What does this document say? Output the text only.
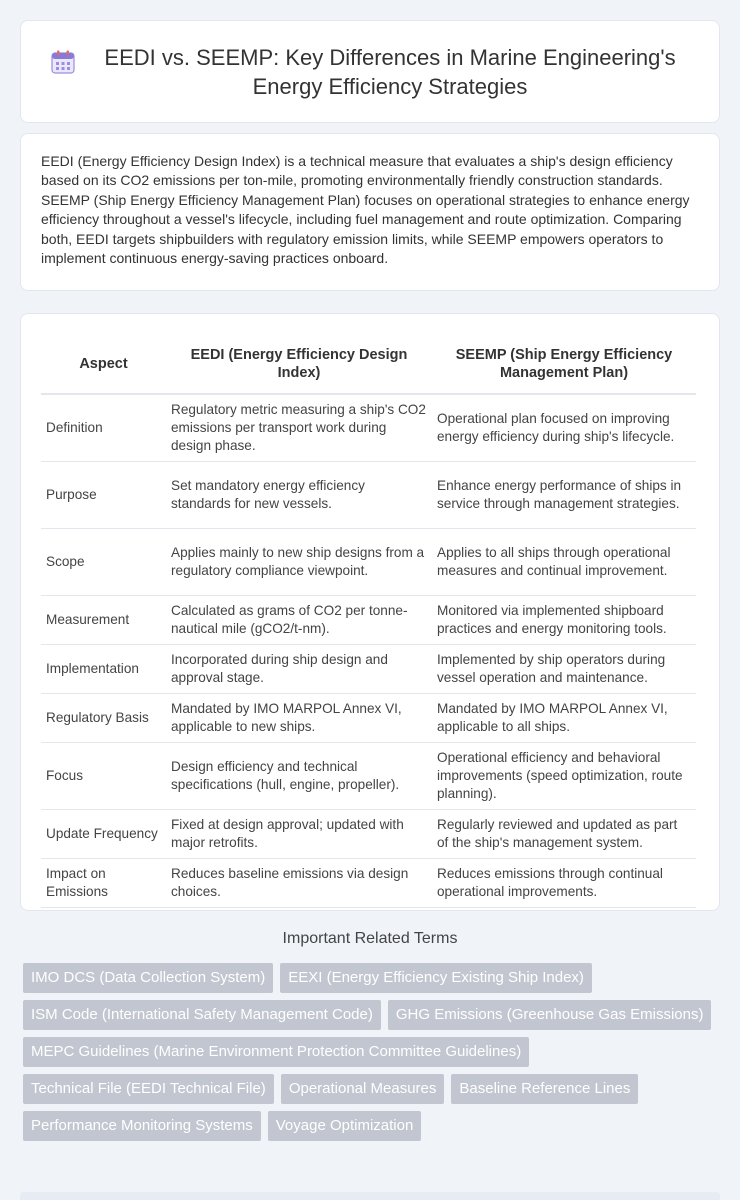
EEDI vs. SEEMP: Key Differences in Marine Engineering's Energy Efficiency Strategies

EEDI (Energy Efficiency Design Index) is a technical measure that evaluates a ship's design efficiency based on its CO2 emissions per ton-mile, promoting environmentally friendly construction standards. SEEMP (Ship Energy Efficiency Management Plan) focuses on operational strategies to enhance energy efficiency throughout a vessel's lifecycle, including fuel management and route optimization. Comparing both, EEDI targets shipbuilders with regulatory emission limits, while SEEMP empowers operators to implement continuous energy-saving practices onboard.

Aspect	EEDI (Energy Efficiency Design Index)	SEEMP (Ship Energy Efficiency Management Plan)
Definition	Regulatory metric measuring a ship's CO2 emissions per transport work during design phase.	Operational plan focused on improving energy efficiency during ship's lifecycle.
Purpose	Set mandatory energy efficiency standards for new vessels.	Enhance energy performance of ships in service through management strategies.
Scope	Applies mainly to new ship designs from a regulatory compliance viewpoint.	Applies to all ships through operational measures and continual improvement.
Measurement	Calculated as grams of CO2 per tonne-nautical mile (gCO2/t-nm).	Monitored via implemented shipboard practices and energy monitoring tools.
Implementation	Incorporated during ship design and approval stage.	Implemented by ship operators during vessel operation and maintenance.
Regulatory Basis	Mandated by IMO MARPOL Annex VI, applicable to new ships.	Mandated by IMO MARPOL Annex VI, applicable to all ships.
Focus	Design efficiency and technical specifications (hull, engine, propeller).	Operational efficiency and behavioral improvements (speed optimization, route planning).
Update Frequency	Fixed at design approval; updated with major retrofits.	Regularly reviewed and updated as part of the ship's management system.
Impact on Emissions	Reduces baseline emissions via design choices.	Reduces emissions through continual operational improvements.
Important Related Terms
IMO DCS (Data Collection System)	EEXI (Energy Efficiency Existing Ship Index)
ISM Code (International Safety Management Code)	GHG Emissions (Greenhouse Gas Emissions)
MEPC Guidelines (Marine Environment Protection Committee Guidelines)
Technical File (EEDI Technical File)	Operational Measures	Baseline Reference Lines
Performance Monitoring Systems	Voyage Optimization
